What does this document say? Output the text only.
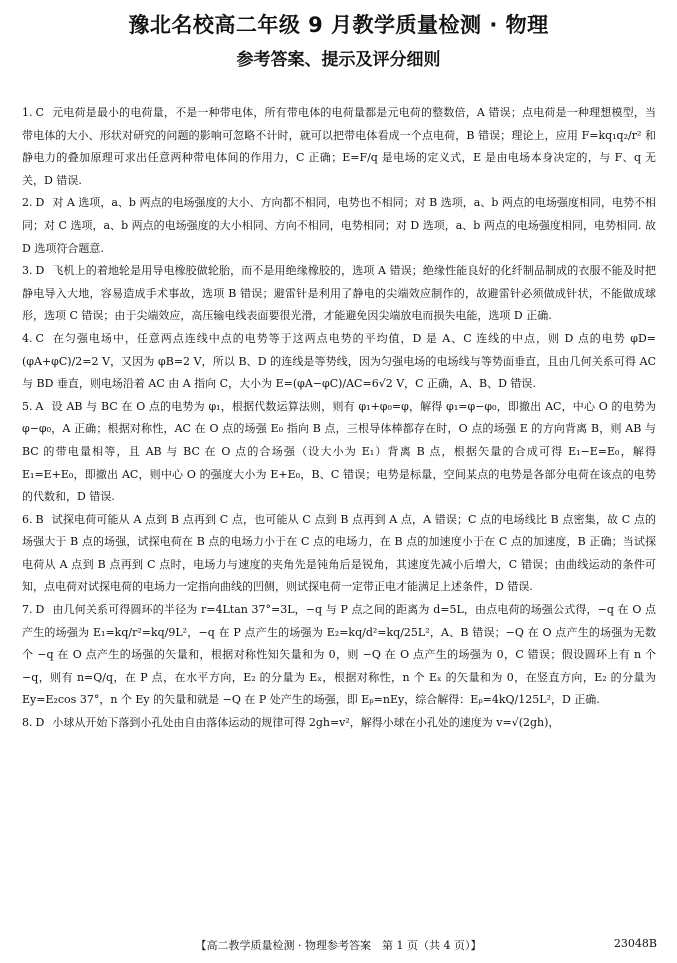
豫北名校高二年级 9 月教学质量检测 · 物理
参考答案、提示及评分细则

1. C 元电荷是最小的电荷量，不是一种带电体，所有带电体的电荷量都是元电荷的整数倍，A 错误；点电荷是一种理想模型，当带电体的大小、形状对研究的问题的影响可忽略不计时，就可以把带电体看成一个点电荷，B 错误；理论上，应用 F=kq₁q₂/r² 和静电力的叠加原理可求出任意两种带电体间的作用力，C 正确；E=F/q 是电场的定义式，E 是由电场本身决定的，与 F、q 无关，D 错误.

2. D 对 A 选项，a、b 两点的电场强度的大小、方向都不相同，电势也不相同；对 B 选项，a、b 两点的电场强度相同，电势不相同；对 C 选项，a、b 两点的电场强度的大小相同、方向不相同，电势相同；对 D 选项，a、b 两点的电场强度相同，电势相同. 故 D 选项符合题意.

3. D 飞机上的着地轮是用导电橡胶做轮胎，而不是用绝缘橡胶的，选项 A 错误；绝缘性能良好的化纤制品制成的衣服不能及时把静电导入大地，容易造成手术事故，选项 B 错误；避雷针是利用了静电的尖端效应制作的，故避雷针必须做成针状，不能做成球形，选项 C 错误；由于尖端效应，高压输电线表面要很光滑，才能避免因尖端放电而损失电能，选项 D 正确.

4. C 在匀强电场中，任意两点连线中点的电势等于这两点电势的平均值，D 是 A、C 连线的中点，则 D 点的电势 φD=(φA+φC)/2=2 V，又因为 φB=2 V，所以 B、D 的连线是等势线，因为匀强电场的电场线与等势面垂直，且由几何关系可得 AC 与 BD 垂直，则电场沿着 AC 由 A 指向 C，大小为 E=(φA−φC)/AC=6√2 V，C 正确，A、B、D 错误.

5. A 设 AB 与 BC 在 O 点的电势为 φ₁，根据代数运算法则，则有 φ₁+φ₀=φ，解得 φ₁=φ−φ₀，即撤出 AC，中心 O 的电势为 φ−φ₀，A 正确；根据对称性，AC 在 O 点的场强 E₀ 指向 B 点，三根导体棒都存在时，O 点的场强 E 的方向背离 B，则 AB 与 BC 的带电量相等，且 AB 与 BC 在 O 点的合场强（设大小为 E₁）背离 B 点，根据矢量的合成可得 E₁−E=E₀，解得 E₁=E+E₀，即撤出 AC，则中心 O 的强度大小为 E+E₀，B、C 错误；电势是标量，空间某点的电势是各部分电荷在该点的电势的代数和，D 错误.

6. B 试探电荷可能从 A 点到 B 点再到 C 点，也可能从 C 点到 B 点再到 A 点，A 错误；C 点的电场线比 B 点密集，故 C 点的场强大于 B 点的场强，试探电荷在 B 点的电场力小于在 C 点的电场力，在 B 点的加速度小于在 C 点的加速度，B 正确；当试探电荷从 A 点到 B 点再到 C 点时，电场力与速度的夹角先是钝角后是锐角，其速度先减小后增大，C 错误；由曲线运动的条件可知，点电荷对试探电荷的电场力一定指向曲线的凹侧，则试探电荷一定带正电才能满足上述条件，D 错误.

7. D 由几何关系可得圆环的半径为 r=4Ltan 37°=3L，−q 与 P 点之间的距离为 d=5L，由点电荷的场强公式得，−q 在 O 点产生的场强为 E₁=kq/r²=kq/9L²，−q 在 P 点产生的场强为 E₂=kq/d²=kq/25L²，A、B 错误；−Q 在 O 点产生的场强为无数个 −q 在 O 点产生的场强的矢量和，根据对称性知矢量和为 0，则 −Q 在 O 点产生的场强为 0，C 错误；假设圆环上有 n 个 −q，则有 n=Q/q，在 P 点，在水平方向，E₂ 的分量为 Eₓ，根据对称性，n 个 Eₓ 的矢量和为 0，在竖直方向，E₂ 的分量为 Ey=E₂cos 37°，n 个 Ey 的矢量和就是 −Q 在 P 处产生的场强，即 Eₚ=nEy，综合解得：Eₚ=4kQ/125L²，D 正确.

8. D 小球从开始下落到小孔处由自由落体运动的规律可得 2gh=v²，解得小球在小孔处的速度为 v=√(2gh)，

【高二教学质量检测 · 物理参考答案　第 1 页（共 4 页）】	23048B
